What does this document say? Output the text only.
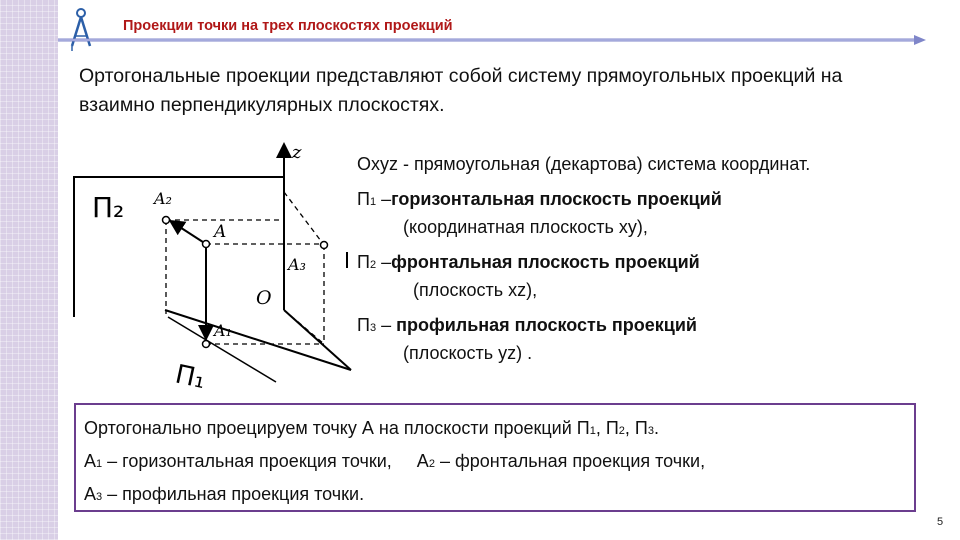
Проекции точки на трех плоскостях проекций
Ортогональные проекции представляют собой систему прямоугольных проекций на взаимно перпендикулярных плоскостях.
П₂
П₁
z
O
A
A₂
A₃
A₁

Oxyz - прямоугольная (декартова) система координат.

П1 –горизонтальная плоскость проекций

(координатная плоскость xy),

П2 –фронтальная плоскость проекций

(плоскость xz),

П3 – профильная плоскость проекций

(плоскость yz) .

Ортогонально проецируем точку А на плоскости проекций П1, П2, П3.

А1 – горизонтальная проекция точки, А2 – фронтальная проекция точки,

А3 – профильная проекция точки.

5
